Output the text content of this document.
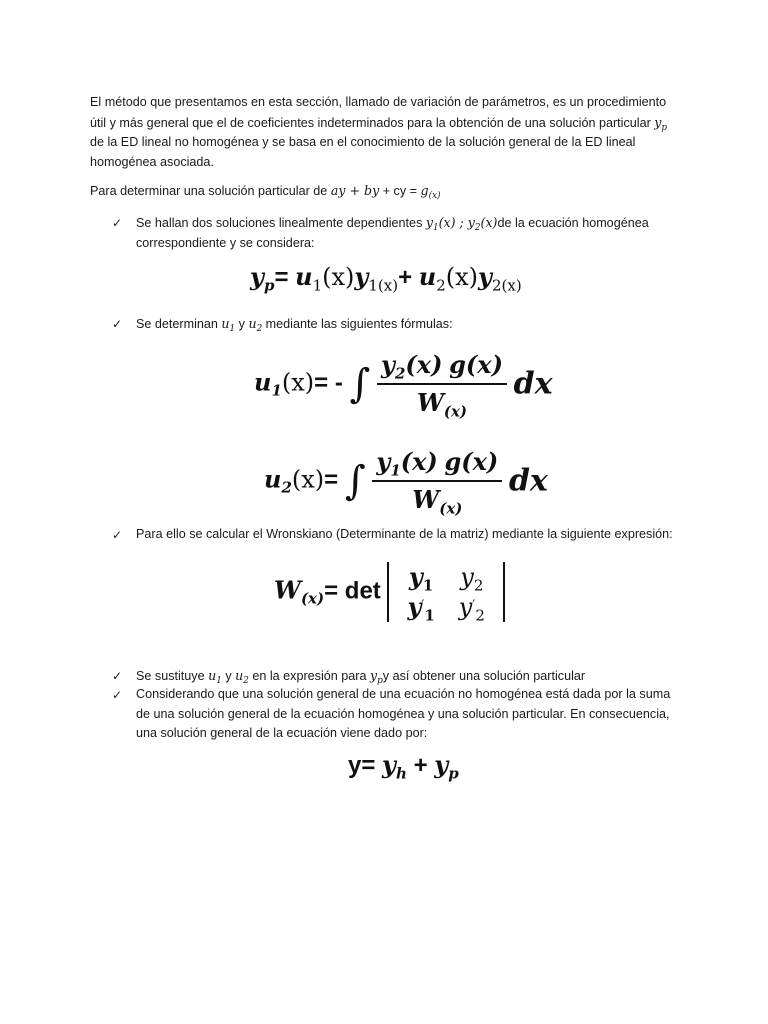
El método que presentamos en esta sección, llamado de variación de parámetros, es un procedimiento útil y más general que el de coeficientes indeterminados para la obtención de una solución particular $y_p$ de la ED lineal no homogénea y se basa en el conocimiento de la solución general de la ED lineal homogénea asociada.

Para determinar una solución particular de ay + by + cy = $g_{(x)}$

✓ Se hallan dos soluciones linealmente dependientes $y_1(x)$ ; $y_2(x)de$ la ecuación homogénea correspondiente y se considera:

$y_p= u_1(x)y_{1(x)}+ u_2(x)y_{2(x)}$
✓ Se determinan $u_1$ y $u_2$ mediante las siguientes fórmulas:

$u_1(x)=$ - ∫ $\frac{y_2(x) g(x)}{W_{(x)}}$ dx
$u_2(x)=$ ∫ $\frac{y_1(x) g(x)}{W_{(x)}}$ dx
✓ Para ello se calcular el Wronskiano (Determinante de la matriz) mediante la siguiente expresión:

$W_{(x)}= \det y_1$	$y_2$
$y'_1$	$y'_2$
✓ Se sustituye $u_1$ y $u_2$ en la expresión para $y_py$ así obtener una solución particular

✓ Considerando que una solución general de una ecuación no homogénea está dada por la suma de una solución general de la ecuación homogénea y una solución particular. En consecuencia, una solución general de la ecuación viene dado por:

$y= y_h + y_p$
